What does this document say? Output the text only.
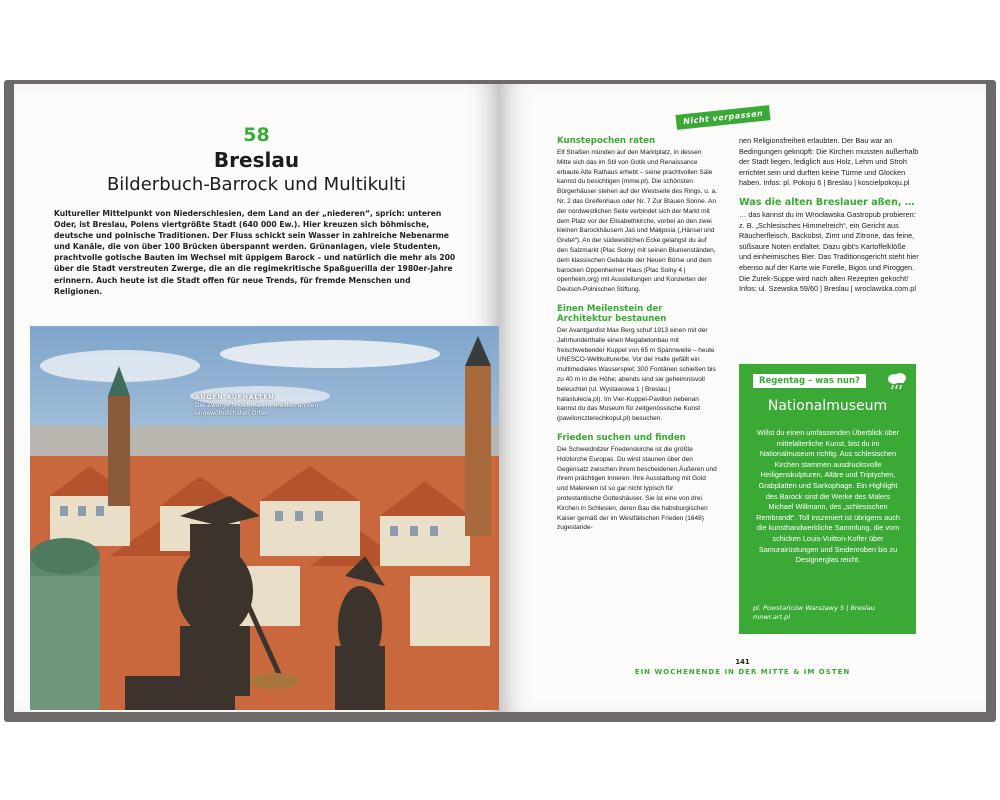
58
Breslau
Bilderbuch-Barrock und Multikulti
Kultureller Mittelpunkt von Niederschlesien, dem Land an der „niederen“, sprich: unteren Oder, ist Breslau, Polens viertgrößte Stadt (640 000 Ew.). Hier kreuzen sich böhmische, deutsche und polnische Traditionen. Der Fluss schickt sein Wasser in zahlreiche Nebenarme und Kanäle, die von über 100 Brücken überspannt werden. Grünanlagen, viele Studenten, prachtvolle gotische Bauten im Wechsel mit üppigem Barock – und natürlich die mehr als 200 über die Stadt verstreuten Zwerge, die an die regimekritische Spaßguerilla der 1980er-Jahre erinnern. Auch heute ist die Stadt offen für neue Trends, für fremde Menschen und Religionen.
AUGEN AUFHALTEN
Die Zwerge findet man in Breslau an den ungewöhnlichsten Orten
Nicht verpassen
Kunstepochen raten

Elf Straßen münden auf den Marktplatz, in dessen Mitte sich das im Stil von Gotik und Renaissance erbaute Alte Rathaus erhebt – seine prachtvollen Säle kannst du besichtigen (mmw.pl). Die schönsten Bürgerhäuser stehen auf der Westseite des Rings, u. a. Nr. 2 das Greifenhaus oder Nr. 7 Zur Blauen Sonne. An der nordwestlichen Seite verbindet sich der Markt mit dem Platz vor der Elisabethkirche, vorbei an den zwei kleinen Barockhäusern Jaś und Małgosia („Hänsel und Gretel“). An der südwestlichen Ecke gelangst du auf den Salzmarkt (Plac Solny) mit seinen Blumenständen, dem klassischen Gebäude der Neuen Börse und dem barocken Oppenheimer Haus (Plac Solny 4 | openheim.org) mit Ausstellungen und Konzerten der Deutsch-Polnischen Stiftung.

Einen Meilenstein der Architektur bestaunen

Der Avantgardist Max Berg schuf 1913 einen mit der Jahrhunderthalle einen Megabetonbau mit freischwebender Kuppel von 65 m Spannweite – heute UNESCO-Weltkulturerbe. Vor der Halle gefällt ein multimediales Wasserspiel: 300 Fontänen schießen bis zu 40 m in die Höhe; abends sind sie geheimnisvoll beleuchtet (ul. Wystawowa 1 | Breslau | halastulecia.pl). Im Vier-Kuppel-Pavillon nebenan kannst du das Museum für zeitgenössische Kunst (pawilonczterechkopul.pl) besuchen.

Frieden suchen und finden

Die Schweidnitzer Friedenskirche ist die größte Holzkirche Europas. Du wirst staunen über den Gegensatz zwischen ihrem bescheidenen Äußeren und ihrem prächtigen Inneren. Ihre Ausstattung mit Gold und Malereien ist so gar nicht typisch für protestantische Gotteshäuser. Sie ist eine von drei Kirchen in Schlesien, deren Bau die habsburgischen Kaiser gemäß der im Westfälischen Frieden (1648) zugestande-

nen Religionsfreiheit erlaubten. Der Bau war an Bedingungen geknüpft: Die Kirchen mussten außerhalb der Stadt liegen, lediglich aus Holz, Lehm und Stroh errichtet sein und durften keine Türme und Glocken haben. Infos: pl. Pokoju 6 | Breslau | koscielpokoju.pl

Was die alten Breslauer aßen, …

… das kannst du im Wrocławska Gastropub probieren: z. B. „Schlesisches Himmelreich“, ein Gericht aus Räucherfleisch, Backobst, Zimt und Zitrone, das feine, süßsaure Noten entfaltet. Dazu gibt's Kartoffelklöße und einheimisches Bier. Das Traditionsgericht steht hier ebenso auf der Karte wie Forelle, Bigos und Piroggen. Die Żurek-Suppe wird nach alten Rezepten gekocht! Infos: ul. Szewska 59/60 | Breslau | wroclawska.com.pl

Regentag – was nun?
Nationalmuseum
Willst du einen umfassenden Überblick über mittelalterliche Kunst, bist du im Nationalmuseum richtig. Aus schlesischen Kirchen stammen ausdrucksvolle Heiligenskulpturen, Altäre und Triptychen, Grabplatten und Sarkophage. Ein Highlight des Barock sind die Werke des Malers Michael Willmann, des „schlesischen Rembrandt“. Toll inszeniert ist übrigens auch die kunsthandwerkliche Sammlung, die vom schicken Louis-Vuitton-Koffer über Samurairüstungen und Seidenroben bis zu Designerglas reicht.
pl. Powstańców Warszawy 5 | Breslau
mnwr.art.pl
141
EIN WOCHENENDE IN DER MITTE & IM OSTEN
